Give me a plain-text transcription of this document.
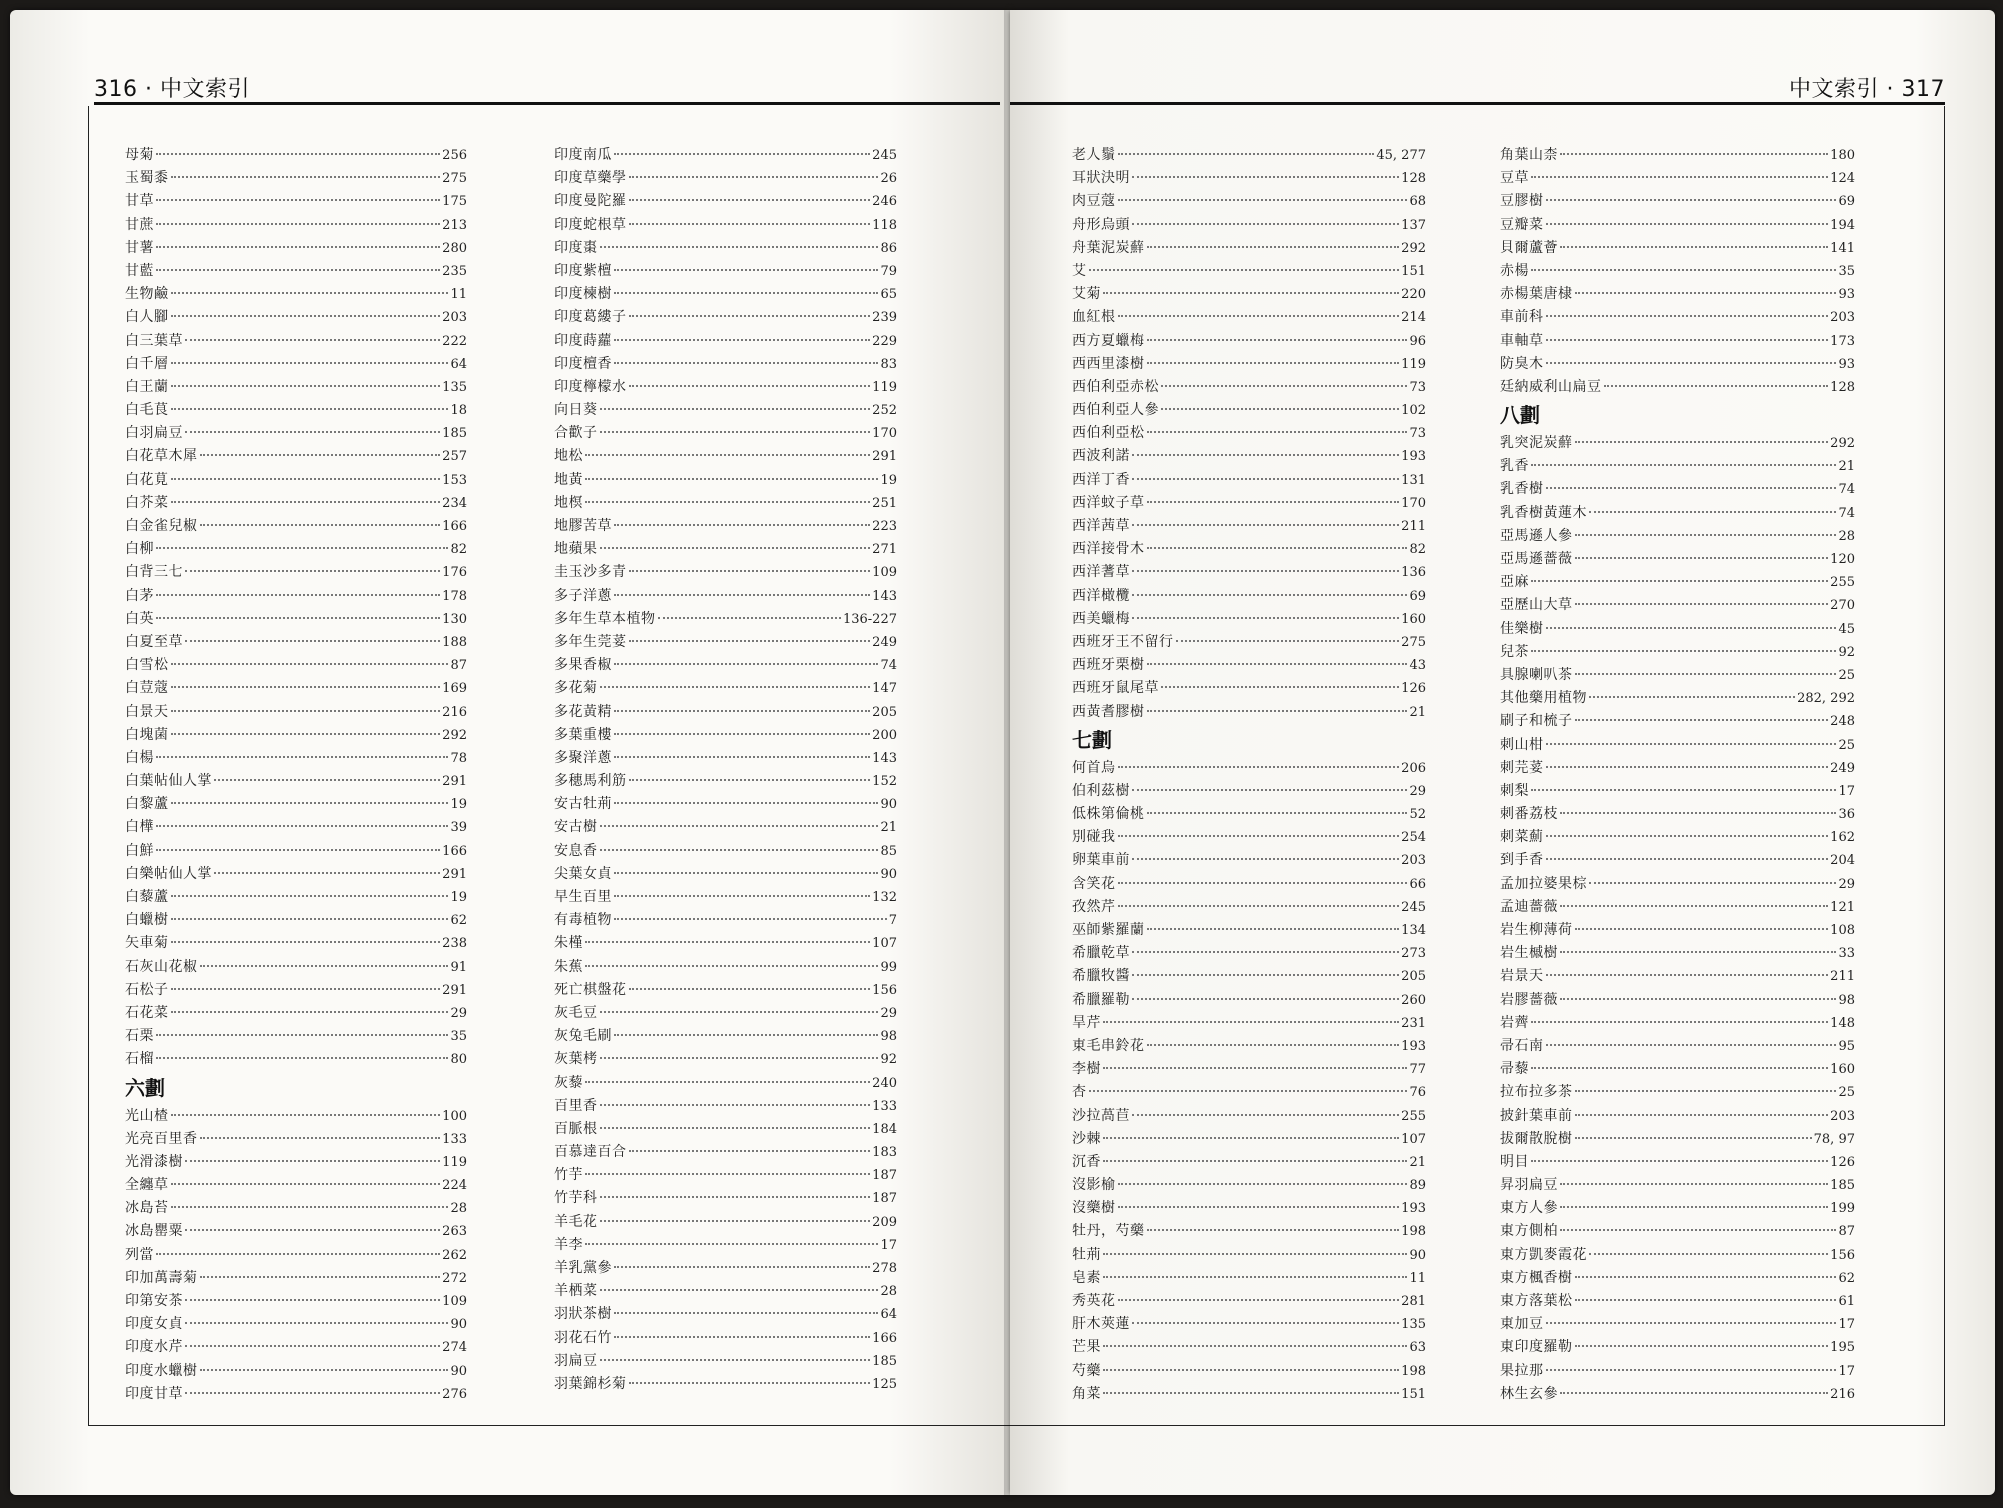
316 · 中文索引
母菊	256
玉蜀黍	275
甘草	175
甘蔗	213
甘薯	280
甘藍	235
生物鹼	11
白人腳	203
白三葉草	222
白千層	64
白王蘭	135
白毛茛	18
白羽扁豆	185
白花草木犀	257
白花莧	153
白芥菜	234
白金雀兒椒	166
白柳	82
白背三七	176
白茅	178
白英	130
白夏至草	188
白雪松	87
白荳蔻	169
白景天	216
白塊菌	292
白楊	78
白葉帖仙人掌	291
白黎蘆	19
白樺	39
白鮮	166
白樂帖仙人掌	291
白藜蘆	19
白蠟樹	62
矢車菊	238
石灰山花椒	91
石松子	291
石花菜	29
石栗	35
石榴	80
六劃
光山楂	100
光亮百里香	133
光滑漆樹	119
全纏草	224
冰島苔	28
冰島罌粟	263
列當	262
印加萬壽菊	272
印第安茶	109
印度女貞	90
印度水芹	274
印度水蠟樹	90
印度甘草	276
印度南瓜	245
印度草藥學	26
印度曼陀羅	246
印度蛇根草	118
印度棗	86
印度紫檀	79
印度楝樹	65
印度葛縷子	239
印度蒔蘿	229
印度檀香	83
印度檸檬水	119
向日葵	252
合歡子	170
地松	291
地黃	19
地榠	251
地膠苦草	223
地蘋果	271
圭玉沙多青	109
多子洋蔥	143
多年生草本植物	136-227
多年生莞荽	249
多果香椒	74
多花菊	147
多花黃精	205
多葉重樓	200
多聚洋蔥	143
多穗馬利筋	152
安古牡荊	90
安古樹	21
安息香	85
尖葉女貞	90
早生百里	132
有毒植物	7
朱槿	107
朱蕉	99
死亡棋盤花	156
灰毛豆	29
灰兔毛刷	98
灰葉栲	92
灰藜	240
百里香	133
百脈根	184
百慕達百合	183
竹芋	187
竹芋科	187
羊毛花	209
羊李	17
羊乳黨參	278
羊栖菜	28
羽狀茶樹	64
羽花石竹	166
羽扁豆	185
羽葉錦杉菊	125
中文索引 · 317
老人鬚	45, 277
耳狀決明	128
肉豆蔻	68
舟形烏頭	137
舟葉泥炭蘚	292
艾	151
艾菊	220
血紅根	214
西方夏蠟梅	96
西西里漆樹	119
西伯利亞赤松	73
西伯利亞人參	102
西伯利亞松	73
西波利諾	193
西洋丁香	131
西洋蚊子草	170
西洋茜草	211
西洋接骨木	82
西洋蓍草	136
西洋橄欖	69
西美蠟梅	160
西班牙王不留行	275
西班牙栗樹	43
西班牙鼠尾草	126
西黃耆膠樹	21
七劃
何首烏	206
伯利茲樹	29
低株第倫桃	52
別碰我	254
卵葉車前	203
含笑花	66
孜然芹	245
巫師紫羅蘭	134
希臘乾草	273
希臘牧醬	205
希臘羅勒	260
旱芹	231
東毛串鈴花	193
李樹	77
杏	76
沙拉萵苣	255
沙棘	107
沉香	21
沒影榆	89
沒藥樹	193
牡丹，芍藥	198
牡荊	90
皂素	11
秀英花	281
肝木莢蓮	135
芒果	63
芍藥	198
角菜	151
角葉山柰	180
豆草	124
豆膠樹	69
豆瓣菜	194
貝爾蘆薈	141
赤楊	35
赤楊葉唐棣	93
車前科	203
車軸草	173
防臭木	93
廷納威利山扁豆	128
八劃
乳突泥炭蘚	292
乳香	21
乳香樹	74
乳香樹黃蓮木	74
亞馬遜人參	28
亞馬遜薔薇	120
亞麻	255
亞歷山大草	270
佳樂樹	45
兒茶	92
具腺喇叭茶	25
其他藥用植物	282, 292
刷子和梳子	248
刺山柑	25
刺芫荽	249
刺梨	17
刺番荔枝	36
刺菜薊	162
到手香	204
孟加拉婆果棕	29
孟迪薔薇	121
岩生柳薄荷	108
岩生槭樹	33
岩景天	211
岩膠薔薇	98
岩薺	148
帚石南	95
帚藜	160
拉布拉多茶	25
披針葉車前	203
拔爾散脫樹	78, 97
明目	126
昇羽扁豆	185
東方人參	199
東方側柏	87
東方凱麥霞花	156
東方楓香樹	62
東方落葉松	61
東加豆	17
東印度羅勒	195
果拉那	17
林生玄參	216
